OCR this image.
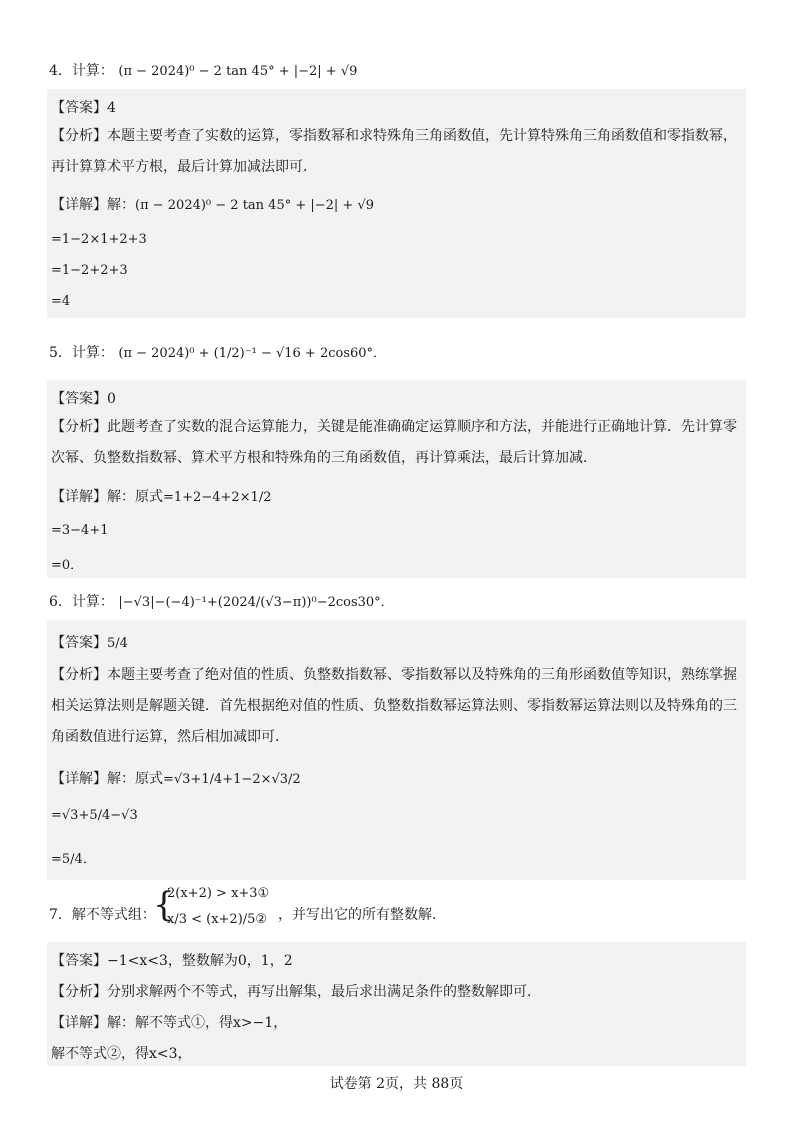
4．计算： (π − 2024)⁰ − 2 tan 45° + |−2| + √9
【答案】4
【分析】本题主要考查了实数的运算，零指数幂和求特殊角三角函数值，先计算特殊角三角函数值和零指数幂，再计算算术平方根，最后计算加减法即可．
【详解】解：(π − 2024)⁰ − 2 tan 45° + |−2| + √9
=1−2×1+2+3
=1−2+2+3
=4
5．计算： (π − 2024)⁰ + (1/2)⁻¹ − √16 + 2cos60°．
【答案】0
【分析】此题考查了实数的混合运算能力，关键是能准确确定运算顺序和方法，并能进行正确地计算．先计算零次幂、负整数指数幂、算术平方根和特殊角的三角函数值，再计算乘法，最后计算加减．
【详解】解：原式=1+2−4+2×1/2
=3−4+1
=0．
6．计算： |−√3|−(−4)⁻¹+(2024/(√3−π))⁰−2cos30°．
【答案】5/4
【分析】本题主要考查了绝对值的性质、负整数指数幂、零指数幂以及特殊角的三角形函数值等知识，熟练掌握相关运算法则是解题关键．首先根据绝对值的性质、负整数指数幂运算法则、零指数幂运算法则以及特殊角的三角函数值进行运算，然后相加减即可．
【详解】解：原式=√3+1/4+1−2×√3/2
=√3+5/4−√3
=5/4．
7．解不等式组：
{
2(x+2) > x+3①
x/3 < (x+2)/5② ，并写出它的所有整数解．
【答案】−1<x<3，整数解为0，1，2
【分析】分别求解两个不等式，再写出解集，最后求出满足条件的整数解即可．
【详解】解：解不等式①，得x>−1，
解不等式②，得x<3，
试卷第 2页，共 88页
